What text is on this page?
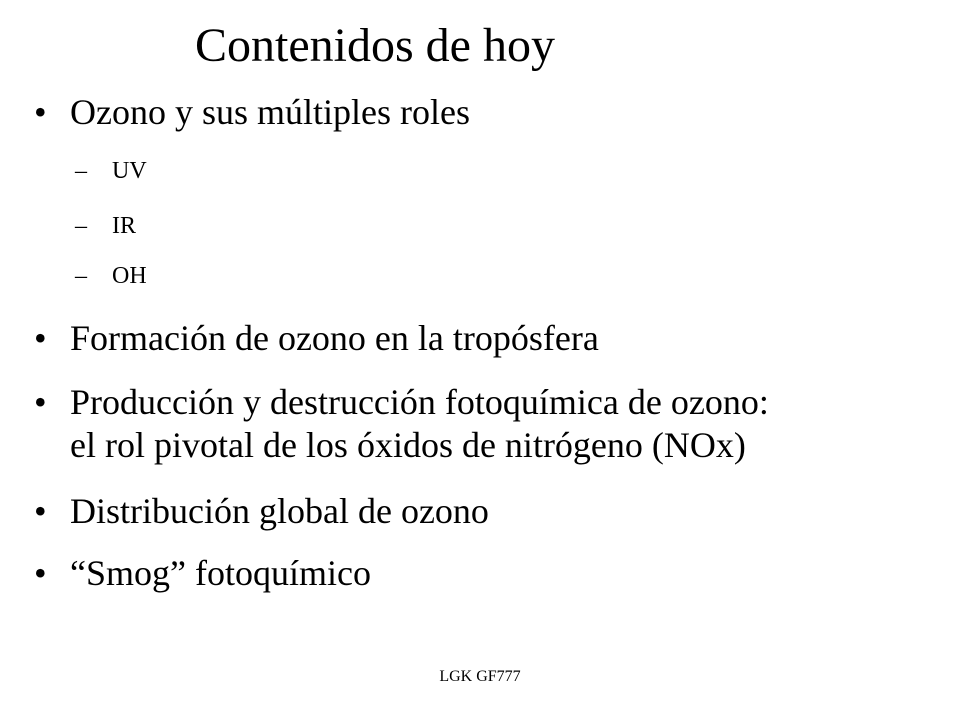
Contenidos de hoy
• Ozono y sus múltiples roles
– UV
– IR
– OH
• Formación de ozono en la tropósfera
• Producción y destrucción fotoquímica de ozono:
el rol pivotal de los óxidos de nitrógeno (NOx)
• Distribución global de ozono
• “Smog” fotoquímico
LGK GF777
